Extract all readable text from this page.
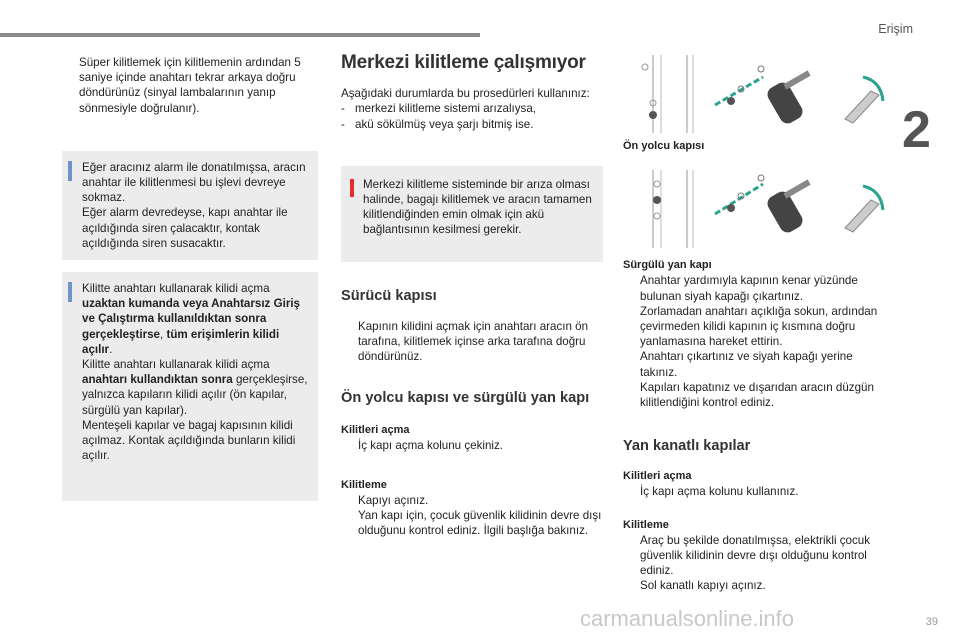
Erişim
2
Süper kilitlemek için kilitlemenin ardından 5 saniye içinde anahtarı tekrar arkaya doğru döndürünüz (sinyal lambalarının yanıp sönmesiyle doğrulanır).

Eğer aracınız alarm ile donatılmışsa, aracın anahtar ile kilitlenmesi bu işlevi devreye sokmaz.

Eğer alarm devredeyse, kapı anahtar ile açıldığında siren çalacaktır, kontak açıldığında siren susacaktır.

Kilitte anahtarı kullanarak kilidi açma uzaktan kumanda veya Anahtarsız Giriş ve Çalıştırma kullanıldıktan sonra gerçekleştirse, tüm erişimlerin kilidi açılır.

Kilitte anahtarı kullanarak kilidi açma anahtarı kullandıktan sonra gerçekleşirse, yalnızca kapıların kilidi açılır (ön kapılar, sürgülü yan kapılar).

Menteşeli kapılar ve bagaj kapısının kilidi açılmaz. Kontak açıldığında bunların kilidi açılır.

Merkezi kilitleme çalışmıyor

Aşağıdaki durumlarda bu prosedürleri kullanınız:

- merkezi kilitleme sistemi arızalıysa,
- akü sökülmüş veya şarjı bitmiş ise.

Merkezi kilitleme sisteminde bir arıza olması halinde, bagajı kilitlemek ve aracın tamamen kilitlendiğinden emin olmak için akü bağlantısının kesilmesi gerekir.

Sürücü kapısı
Kapının kilidini açmak için anahtarı aracın ön tarafına, kilitlemek içinse arka tarafına doğru döndürünüz.
Ön yolcu kapısı ve sürgülü yan kapı

Kilitleri açma

İç kapı açma kolunu çekiniz.

Kilitleme

Kapıyı açınız.
Yan kapı için, çocuk güvenlik kilidinin devre dışı olduğunu kontrol ediniz. İlgili başlığa bakınız.

Ön yolcu kapısı

Sürgülü yan kapı

Anahtar yardımıyla kapının kenar yüzünde bulunan siyah kapağı çıkartınız.
Zorlamadan anahtarı açıklığa sokun, ardından çevirmeden kilidi kapının iç kısmına doğru yanlamasına hareket ettirin.
Anahtarı çıkartınız ve siyah kapağı yerine takınız.
Kapıları kapatınız ve dışarıdan aracın düzgün kilitlendiğini kontrol ediniz.
Yan kanatlı kapılar

Kilitleri açma

İç kapı açma kolunu kullanınız.

Kilitleme

Araç bu şekilde donatılmışsa, elektrikli çocuk güvenlik kilidinin devre dışı olduğunu kontrol ediniz.
Sol kanatlı kapıyı açınız.
carmanualsonline.info	39
